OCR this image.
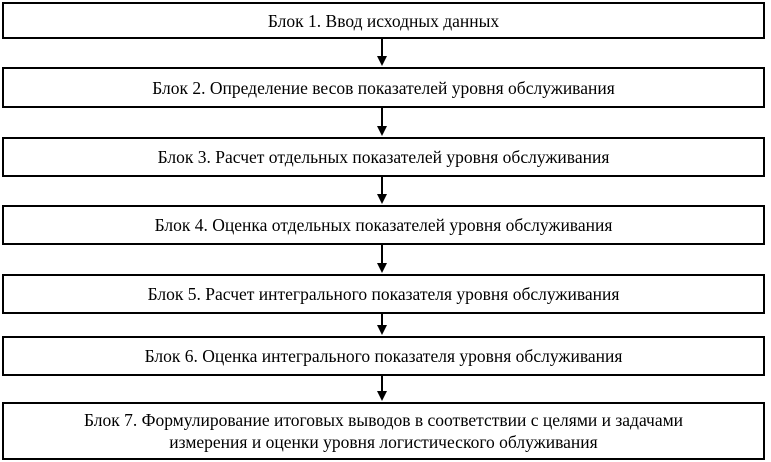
Блок 1. Ввод исходных данных
Блок 2. Определение весов показателей уровня обслуживания
Блок 3. Расчет отдельных показателей уровня обслуживания
Блок 4. Оценка отдельных показателей уровня обслуживания
Блок 5. Расчет интегрального показателя уровня обслуживания
Блок 6. Оценка интегрального показателя уровня обслуживания
Блок 7. Формулирование итоговых выводов в соответствии с целями и задачами
измерения и оценки уровня логистического облуживания
